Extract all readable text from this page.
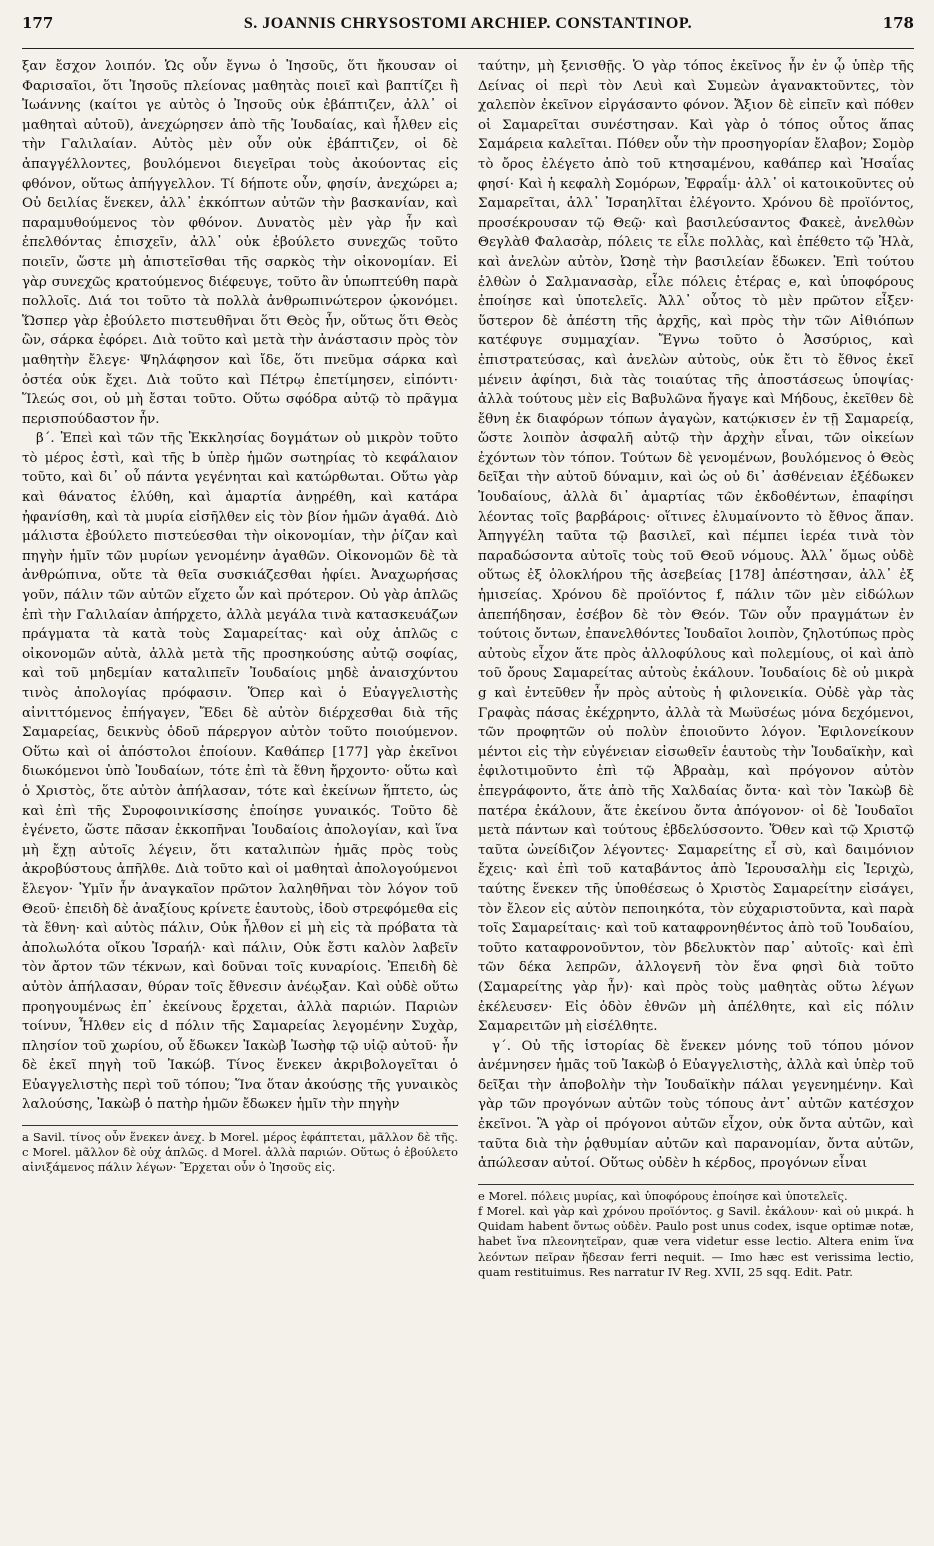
177	S. JOANNIS CHRYSOSTOMI ARCHIEP. CONSTANTINOP.	178

ξαν ἔσχον λοιπόν. Ὡς οὖν ἔγνω ὁ Ἰησοῦς, ὅτι ἤκουσαν οἱ Φαρισαῖοι, ὅτι Ἰησοῦς πλείονας μαθητὰς ποιεῖ καὶ βαπτίζει ἢ Ἰωάννης (καίτοι γε αὐτὸς ὁ Ἰησοῦς οὐκ ἐβάπτιζεν, ἀλλ᾽ οἱ μαθηταὶ αὐτοῦ), ἀνεχώρησεν ἀπὸ τῆς Ἰουδαίας, καὶ ἦλθεν εἰς τὴν Γαλιλαίαν. Αὐτὸς μὲν οὖν οὐκ ἐβάπτιζεν, οἱ δὲ ἀπαγγέλλοντες, βουλόμενοι διεγεῖραι τοὺς ἀκούοντας εἰς φθόνον, οὕτως ἀπήγγελλον. Τί δήποτε οὖν, φησίν, ἀνεχώρει a; Οὐ δειλίας ἕνεκεν, ἀλλ᾽ ἐκκόπτων αὐτῶν τὴν βασκανίαν, καὶ παραμυθούμενος τὸν φθόνον. Δυνατὸς μὲν γὰρ ἦν καὶ ἐπελθόντας ἐπισχεῖν, ἀλλ᾽ οὐκ ἐβούλετο συνεχῶς τοῦτο ποιεῖν, ὥστε μὴ ἀπιστεῖσθαι τῆς σαρκὸς τὴν οἰκονομίαν. Εἰ γὰρ συνεχῶς κρατούμενος διέφευγε, τοῦτο ἂν ὑπωπτεύθη παρὰ πολλοῖς. Διά τοι τοῦτο τὰ πολλὰ ἀνθρωπινώτερον ᾠκονόμει. Ὥσπερ γὰρ ἐβούλετο πιστευθῆναι ὅτι Θεὸς ἦν, οὕτως ὅτι Θεὸς ὢν, σάρκα ἐφόρει. Διὰ τοῦτο καὶ μετὰ τὴν ἀνάστασιν πρὸς τὸν μαθητὴν ἔλεγε· Ψηλάφησον καὶ ἴδε, ὅτι πνεῦμα σάρκα καὶ ὀστέα οὐκ ἔχει. Διὰ τοῦτο καὶ Πέτρῳ ἐπετίμησεν, εἰπόντι· Ἵλεώς σοι, οὐ μὴ ἔσται τοῦτο. Οὕτω σφόδρα αὐτῷ τὸ πρᾶγμα περισπούδαστον ἦν.

β΄. Ἐπεὶ καὶ τῶν τῆς Ἐκκλησίας δογμάτων οὐ μικρὸν τοῦτο τὸ μέρος ἐστὶ, καὶ τῆς b ὑπὲρ ἡμῶν σωτηρίας τὸ κεφάλαιον τοῦτο, καὶ δι᾽ οὗ πάντα γεγένηται καὶ κατώρθωται. Οὕτω γὰρ καὶ θάνατος ἐλύθη, καὶ ἁμαρτία ἀνῃρέθη, καὶ κατάρα ἠφανίσθη, καὶ τὰ μυρία εἰσῆλθεν εἰς τὸν βίον ἡμῶν ἀγαθά. Διὸ μάλιστα ἐβούλετο πιστεύεσθαι τὴν οἰκονομίαν, τὴν ῥίζαν καὶ πηγὴν ἡμῖν τῶν μυρίων γενομένην ἀγαθῶν. Οἰκονομῶν δὲ τὰ ἀνθρώπινα, οὔτε τὰ θεῖα συσκιάζεσθαι ἠφίει. Ἀναχωρήσας γοῦν, πάλιν τῶν αὐτῶν εἴχετο ὧν καὶ πρότερον. Οὐ γὰρ ἁπλῶς ἐπὶ τὴν Γαλιλαίαν ἀπήρχετο, ἀλλὰ μεγάλα τινὰ κατασκευάζων πράγματα τὰ κατὰ τοὺς Σαμαρείτας· καὶ οὐχ ἁπλῶς c οἰκονομῶν αὐτὰ, ἀλλὰ μετὰ τῆς προσηκούσης αὐτῷ σοφίας, καὶ τοῦ μηδεμίαν καταλιπεῖν Ἰουδαίοις μηδὲ ἀναισχύντου τινὸς ἀπολογίας πρόφασιν. Ὅπερ καὶ ὁ Εὐαγγελιστὴς αἰνιττόμενος ἐπήγαγεν, Ἔδει δὲ αὐτὸν διέρχεσθαι διὰ τῆς Σαμαρείας, δεικνὺς ὁδοῦ πάρεργον αὐτὸν τοῦτο ποιούμενον. Οὕτω καὶ οἱ ἀπόστολοι ἐποίουν. Καθάπερ [177] γὰρ ἐκεῖνοι διωκόμενοι ὑπὸ Ἰουδαίων, τότε ἐπὶ τὰ ἔθνη ἤρχοντο· οὕτω καὶ ὁ Χριστὸς, ὅτε αὐτὸν ἀπήλασαν, τότε καὶ ἐκείνων ἥπτετο, ὡς καὶ ἐπὶ τῆς Συροφοινικίσσης ἐποίησε γυναικός. Τοῦτο δὲ ἐγένετο, ὥστε πᾶσαν ἐκκοπῆναι Ἰουδαίοις ἀπολογίαν, καὶ ἵνα μὴ ἔχῃ αὐτοῖς λέγειν, ὅτι καταλιπὼν ἡμᾶς πρὸς τοὺς ἀκροβύστους ἀπῆλθε. Διὰ τοῦτο καὶ οἱ μαθηταὶ ἀπολογούμενοι ἔλεγον· Ὑμῖν ἦν ἀναγκαῖον πρῶτον λαληθῆναι τὸν λόγον τοῦ Θεοῦ· ἐπειδὴ δὲ ἀναξίους κρίνετε ἑαυτοὺς, ἰδοὺ στρεφόμεθα εἰς τὰ ἔθνη· καὶ αὐτὸς πάλιν, Οὐκ ἦλθον εἰ μὴ εἰς τὰ πρόβατα τὰ ἀπολωλότα οἴκου Ἰσραήλ· καὶ πάλιν, Οὐκ ἔστι καλὸν λαβεῖν τὸν ἄρτον τῶν τέκνων, καὶ δοῦναι τοῖς κυναρίοις. Ἐπειδὴ δὲ αὐτὸν ἀπήλασαν, θύραν τοῖς ἔθνεσιν ἀνέῳξαν. Καὶ οὐδὲ οὕτω προηγουμένως ἐπ᾽ ἐκείνους ἔρχεται, ἀλλὰ παριών. Παριὼν τοίνυν, Ἦλθεν εἰς d πόλιν τῆς Σαμαρείας λεγομένην Συχὰρ, πλησίον τοῦ χωρίου, οὗ ἔδωκεν Ἰακὼβ Ἰωσὴφ τῷ υἱῷ αὐτοῦ· ἦν δὲ ἐκεῖ πηγὴ τοῦ Ἰακώβ. Τίνος ἕνεκεν ἀκριβολογεῖται ὁ Εὐαγγελιστὴς περὶ τοῦ τόπου; Ἵνα ὅταν ἀκούσῃς τῆς γυναικὸς λαλούσης, Ἰακὼβ ὁ πατὴρ ἡμῶν ἔδωκεν ἡμῖν τὴν πηγὴν

a Savil. τίνος οὖν ἕνεκεν ἀνεχ. b Morel. μέρος ἐφάπτεται, μᾶλλον δὲ τῆς. c Morel. μᾶλλον δὲ οὐχ ἁπλῶς. d Morel. ἀλλὰ παριών. Οὕτως ὁ ἐβούλετο αἰνιξάμενος πάλιν λέγων· Ἔρχεται οὖν ὁ Ἰησοῦς εἰς.

ταύτην, μὴ ξενισθῇς. Ὁ γὰρ τόπος ἐκεῖνος ἦν ἐν ᾧ ὑπὲρ τῆς Δείνας οἱ περὶ τὸν Λευὶ καὶ Συμεὼν ἀγανακτοῦντες, τὸν χαλεπὸν ἐκεῖνον εἰργάσαντο φόνον. Ἄξιον δὲ εἰπεῖν καὶ πόθεν οἱ Σαμαρεῖται συνέστησαν. Καὶ γὰρ ὁ τόπος οὗτος ἅπας Σαμάρεια καλεῖται. Πόθεν οὖν τὴν προσηγορίαν ἔλαβον; Σομὸρ τὸ ὄρος ἐλέγετο ἀπὸ τοῦ κτησαμένου, καθάπερ καὶ Ἡσαΐας φησί· Καὶ ἡ κεφαλὴ Σομόρων, Ἐφραΐμ· ἀλλ᾽ οἱ κατοικοῦντες οὐ Σαμαρεῖται, ἀλλ᾽ Ἰσραηλῖται ἐλέγοντο. Χρόνου δὲ προϊόντος, προσέκρουσαν τῷ Θεῷ· καὶ βασιλεύσαντος Φακεὲ, ἀνελθὼν Θεγλὰθ Φαλασὰρ, πόλεις τε εἷλε πολλὰς, καὶ ἐπέθετο τῷ Ἠλὰ, καὶ ἀνελὼν αὐτὸν, Ὠσηὲ τὴν βασιλείαν ἔδωκεν. Ἐπὶ τούτου ἐλθὼν ὁ Σαλμανασὰρ, εἷλε πόλεις ἑτέρας e, καὶ ὑποφόρους ἐποίησε καὶ ὑποτελεῖς. Ἀλλ᾽ οὗτος τὸ μὲν πρῶτον εἶξεν· ὕστερον δὲ ἀπέστη τῆς ἀρχῆς, καὶ πρὸς τὴν τῶν Αἰθιόπων κατέφυγε συμμαχίαν. Ἔγνω τοῦτο ὁ Ἀσσύριος, καὶ ἐπιστρατεύσας, καὶ ἀνελὼν αὐτοὺς, οὐκ ἔτι τὸ ἔθνος ἐκεῖ μένειν ἀφίησι, διὰ τὰς τοιαύτας τῆς ἀποστάσεως ὑποψίας· ἀλλὰ τούτους μὲν εἰς Βαβυλῶνα ἤγαγε καὶ Μήδους, ἐκεῖθεν δὲ ἔθνη ἐκ διαφόρων τόπων ἀγαγὼν, κατῴκισεν ἐν τῇ Σαμαρείᾳ, ὥστε λοιπὸν ἀσφαλῆ αὐτῷ τὴν ἀρχὴν εἶναι, τῶν οἰκείων ἐχόντων τὸν τόπον. Τούτων δὲ γενομένων, βουλόμενος ὁ Θεὸς δεῖξαι τὴν αὐτοῦ δύναμιν, καὶ ὡς οὐ δι᾽ ἀσθένειαν ἐξέδωκεν Ἰουδαίους, ἀλλὰ δι᾽ ἁμαρτίας τῶν ἐκδοθέντων, ἐπαφίησι λέοντας τοῖς βαρβάροις· οἵτινες ἐλυμαίνοντο τὸ ἔθνος ἅπαν. Ἀπηγγέλη ταῦτα τῷ βασιλεῖ, καὶ πέμπει ἱερέα τινὰ τὸν παραδώσοντα αὐτοῖς τοὺς τοῦ Θεοῦ νόμους. Ἀλλ᾽ ὅμως οὐδὲ οὕτως ἐξ ὁλοκλήρου τῆς ἀσεβείας [178] ἀπέστησαν, ἀλλ᾽ ἐξ ἡμισείας. Χρόνου δὲ προϊόντος f, πάλιν τῶν μὲν εἰδώλων ἀπεπήδησαν, ἐσέβον δὲ τὸν Θεόν. Τῶν οὖν πραγμάτων ἐν τούτοις ὄντων, ἐπανελθόντες Ἰουδαῖοι λοιπὸν, ζηλοτύπως πρὸς αὐτοὺς εἶχον ἅτε πρὸς ἀλλοφύλους καὶ πολεμίους, οἱ καὶ ἀπὸ τοῦ ὄρους Σαμαρείτας αὐτοὺς ἐκάλουν. Ἰουδαίοις δὲ οὐ μικρὰ g καὶ ἐντεῦθεν ἦν πρὸς αὐτοὺς ἡ φιλονεικία. Οὐδὲ γὰρ τὰς Γραφὰς πάσας ἐκέχρηντο, ἀλλὰ τὰ Μωϋσέως μόνα δεχόμενοι, τῶν προφητῶν οὐ πολὺν ἐποιοῦντο λόγον. Ἐφιλονείκουν μέντοι εἰς τὴν εὐγένειαν εἰσωθεῖν ἑαυτοὺς τὴν Ἰουδαϊκὴν, καὶ ἐφιλοτιμοῦντο ἐπὶ τῷ Ἀβραὰμ, καὶ πρόγονον αὐτὸν ἐπεγράφοντο, ἅτε ἀπὸ τῆς Χαλδαίας ὄντα· καὶ τὸν Ἰακὼβ δὲ πατέρα ἐκάλουν, ἅτε ἐκείνου ὄντα ἀπόγονον· οἱ δὲ Ἰουδαῖοι μετὰ πάντων καὶ τούτους ἐβδελύσσοντο. Ὅθεν καὶ τῷ Χριστῷ ταῦτα ὠνείδιζον λέγοντες· Σαμαρείτης εἶ σὺ, καὶ δαιμόνιον ἔχεις· καὶ ἐπὶ τοῦ καταβάντος ἀπὸ Ἱερουσαλὴμ εἰς Ἱεριχὼ, ταύτης ἕνεκεν τῆς ὑποθέσεως ὁ Χριστὸς Σαμαρείτην εἰσάγει, τὸν ἔλεον εἰς αὐτὸν πεποιηκότα, τὸν εὐχαριστοῦντα, καὶ παρὰ τοῖς Σαμαρείταις· καὶ τοῦ καταφρονηθέντος ἀπὸ τοῦ Ἰουδαίου, τοῦτο καταφρονοῦντον, τὸν βδελυκτὸν παρ᾽ αὐτοῖς· καὶ ἐπὶ τῶν δέκα λεπρῶν, ἀλλογενῆ τὸν ἕνα φησὶ διὰ τοῦτο (Σαμαρείτης γὰρ ἦν)· καὶ πρὸς τοὺς μαθητὰς οὕτω λέγων ἐκέλευσεν· Εἰς ὁδὸν ἐθνῶν μὴ ἀπέλθητε, καὶ εἰς πόλιν Σαμαρειτῶν μὴ εἰσέλθητε.

γ΄. Οὐ τῆς ἱστορίας δὲ ἕνεκεν μόνης τοῦ τόπου μόνον ἀνέμνησεν ἡμᾶς τοῦ Ἰακὼβ ὁ Εὐαγγελιστὴς, ἀλλὰ καὶ ὑπὲρ τοῦ δεῖξαι τὴν ἀποβολὴν τὴν Ἰουδαϊκὴν πάλαι γεγενημένην. Καὶ γὰρ τῶν προγόνων αὐτῶν τοὺς τόπους ἀντ᾽ αὐτῶν κατέσχον ἐκεῖνοι. Ἃ γὰρ οἱ πρόγονοι αὐτῶν εἶχον, οὐκ ὄντα αὐτῶν, καὶ ταῦτα διὰ τὴν ῥᾳθυμίαν αὐτῶν καὶ παρανομίαν, ὄντα αὐτῶν, ἀπώλεσαν αὐτοί. Οὕτως οὐδὲν h κέρδος, προγόνων εἶναι

e Morel. πόλεις μυρίας, καὶ ὑποφόρους ἐποίησε καὶ ὑποτελεῖς.

f Morel. καὶ γὰρ καὶ χρόνου προϊόντος. g Savil. ἐκάλουν· καὶ οὐ μικρά. h Quidam habent ὄντως οὐδὲν. Paulo post unus codex, isque optimæ notæ, habet ἵνα πλεονητεῖραν, quæ vera videtur esse lectio. Altera enim ἵνα λεόντων πεῖραν ἤδεσαν ferri nequit. — Imo hæc est verissima lectio, quam restituimus. Res narratur IV Reg. XVII, 25 sqq. Edit. Patr.
